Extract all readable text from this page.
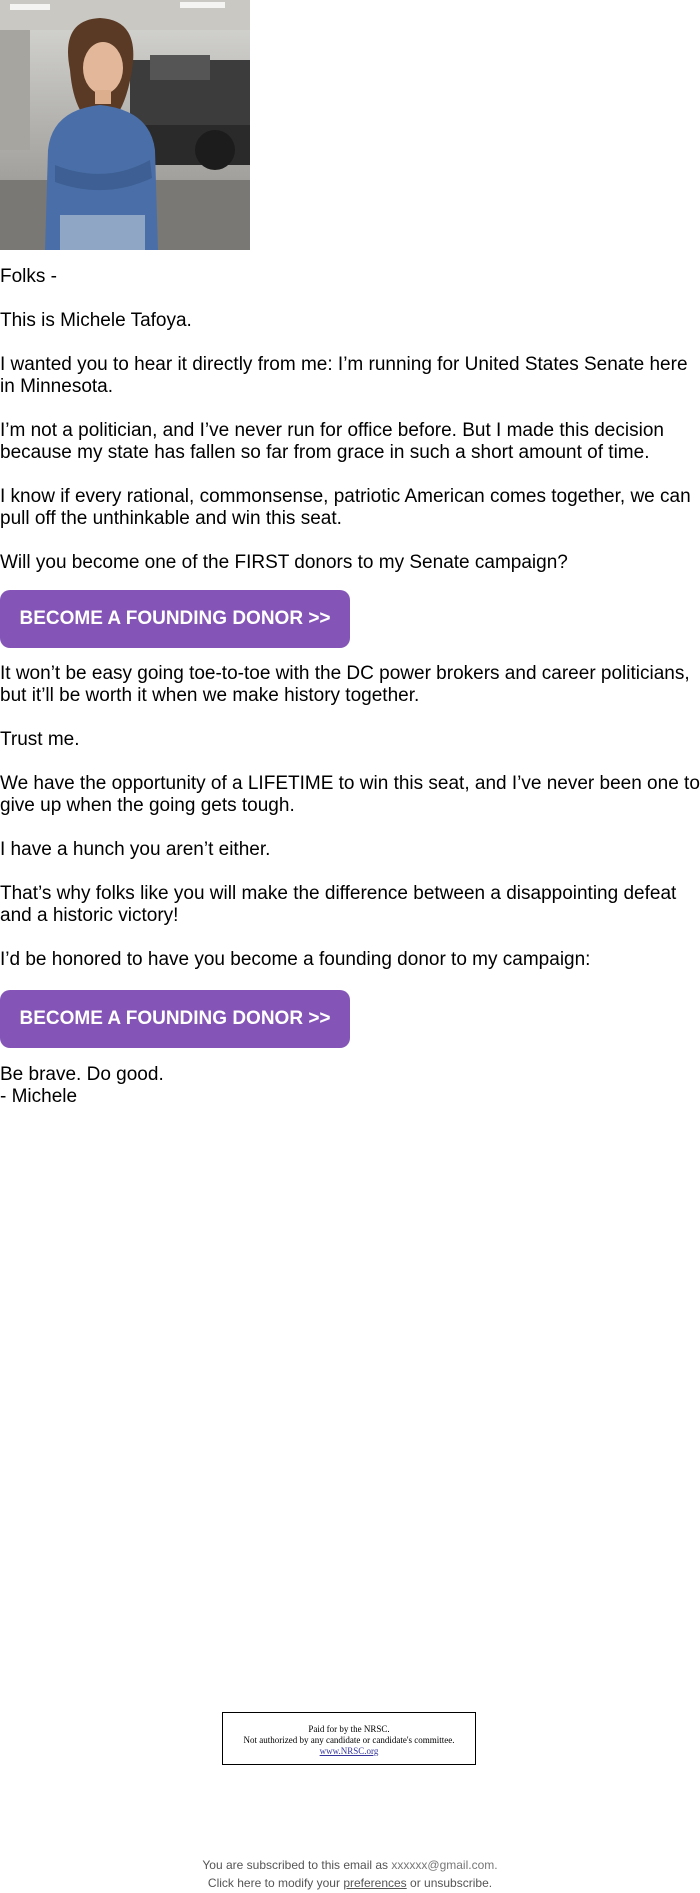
Folks -

This is Michele Tafoya.

I wanted you to hear it directly from me: I’m running for United States Senate here
in Minnesota.
I’m not a politician, and I’ve never run for office before. But I made this decision
because my state has fallen so far from grace in such a short amount of time.
I know if every rational, commonsense, patriotic American comes together, we can
pull off the unthinkable and win this seat.

Will you become one of the FIRST donors to my Senate campaign?

BECOME A FOUNDING DONOR >>
It won’t be easy going toe-to-toe with the DC power brokers and career politicians,
but it’ll be worth it when we make history together.

Trust me.

We have the opportunity of a LIFETIME to win this seat, and I’ve never been one to
give up when the going gets tough.

I have a hunch you aren’t either.

That’s why folks like you will make the difference between a disappointing defeat
and a historic victory!

I’d be honored to have you become a founding donor to my campaign:

BECOME A FOUNDING DONOR >>
Be brave. Do good.
- Michele
Paid for by the NRSC.
Not authorized by any candidate or candidate's committee.
www.NRSC.org
You are subscribed to this email as xxxxxx@gmail.com.
Click here to modify your preferences or unsubscribe.
